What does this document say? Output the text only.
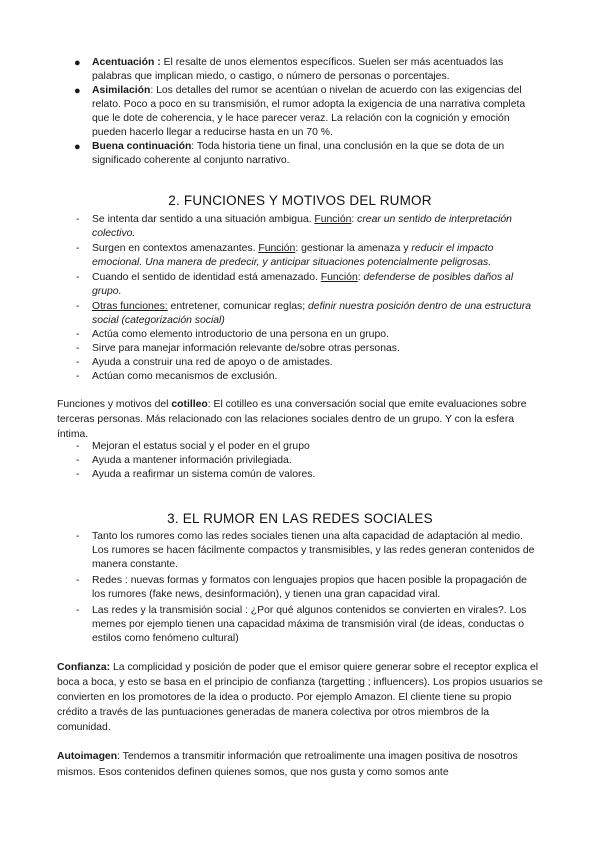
● Acentuación : El resalte de unos elementos específicos. Suelen ser más acentuados las palabras que implican miedo, o castigo, o número de personas o porcentajes.
● Asimilación: Los detalles del rumor se acentúan o nivelan de acuerdo con las exigencias del relato. Poco a poco en su transmisión, el rumor adopta la exigencia de una narrativa completa que le dote de coherencia, y le hace parecer veraz. La relación con la cognición y emoción pueden hacerlo llegar a reducirse hasta en un 70 %.
● Buena continuación: Toda historia tiene un final, una conclusión en la que se dota de un significado coherente al conjunto narrativo.
2. FUNCIONES Y MOTIVOS DEL RUMOR
- Se intenta dar sentido a una situación ambigua. Función: crear un sentido de interpretación colectivo.
- Surgen en contextos amenazantes. Función: gestionar la amenaza y reducir el impacto emocional. Una manera de predecir, y anticipar situaciones potencialmente peligrosas.
- Cuando el sentido de identidad está amenazado. Función: defenderse de posibles daños al grupo.
- Otras funciones: entretener, comunicar reglas; definir nuestra posición dentro de una estructura social (categorización social)
- Actúa como elemento introductorio de una persona en un grupo.
- Sirve para manejar información relevante de/sobre otras personas.
- Ayuda a construir una red de apoyo o de amistades.
- Actúan como mecanismos de exclusión.
Funciones y motivos del cotilleo: El cotilleo es una conversación social que emite evaluaciones sobre terceras personas. Más relacionado con las relaciones sociales dentro de un grupo. Y con la esfera íntima.
- Mejoran el estatus social y el poder en el grupo
- Ayuda a mantener información privilegiada.
- Ayuda a reafirmar un sistema común de valores.
3. EL RUMOR EN LAS REDES SOCIALES
- Tanto los rumores como las redes sociales tienen una alta capacidad de adaptación al medio. Los rumores se hacen fácilmente compactos y transmisibles, y las redes generan contenidos de manera constante.
- Redes : nuevas formas y formatos con lenguajes propios que hacen posible la propagación de los rumores (fake news, desinformación), y tienen una gran capacidad viral.
- Las redes y la transmisión social : ¿Por qué algunos contenidos se convierten en virales?. Los memes por ejemplo tienen una capacidad máxima de transmisión viral (de ideas, conductas o estilos como fenómeno cultural)
Confianza: La complicidad y posición de poder que el emisor quiere generar sobre el receptor explica el boca a boca, y esto se basa en el principio de confianza (targetting ; influencers). Los propios usuarios se convierten en los promotores de la idea o producto. Por ejemplo Amazon. El cliente tiene su propio crédito a través de las puntuaciones generadas de manera colectiva por otros miembros de la comunidad.
Autoimagen: Tendemos a transmitir información que retroalimente una imagen positiva de nosotros mismos. Esos contenidos definen quienes somos, que nos gusta y como somos ante
